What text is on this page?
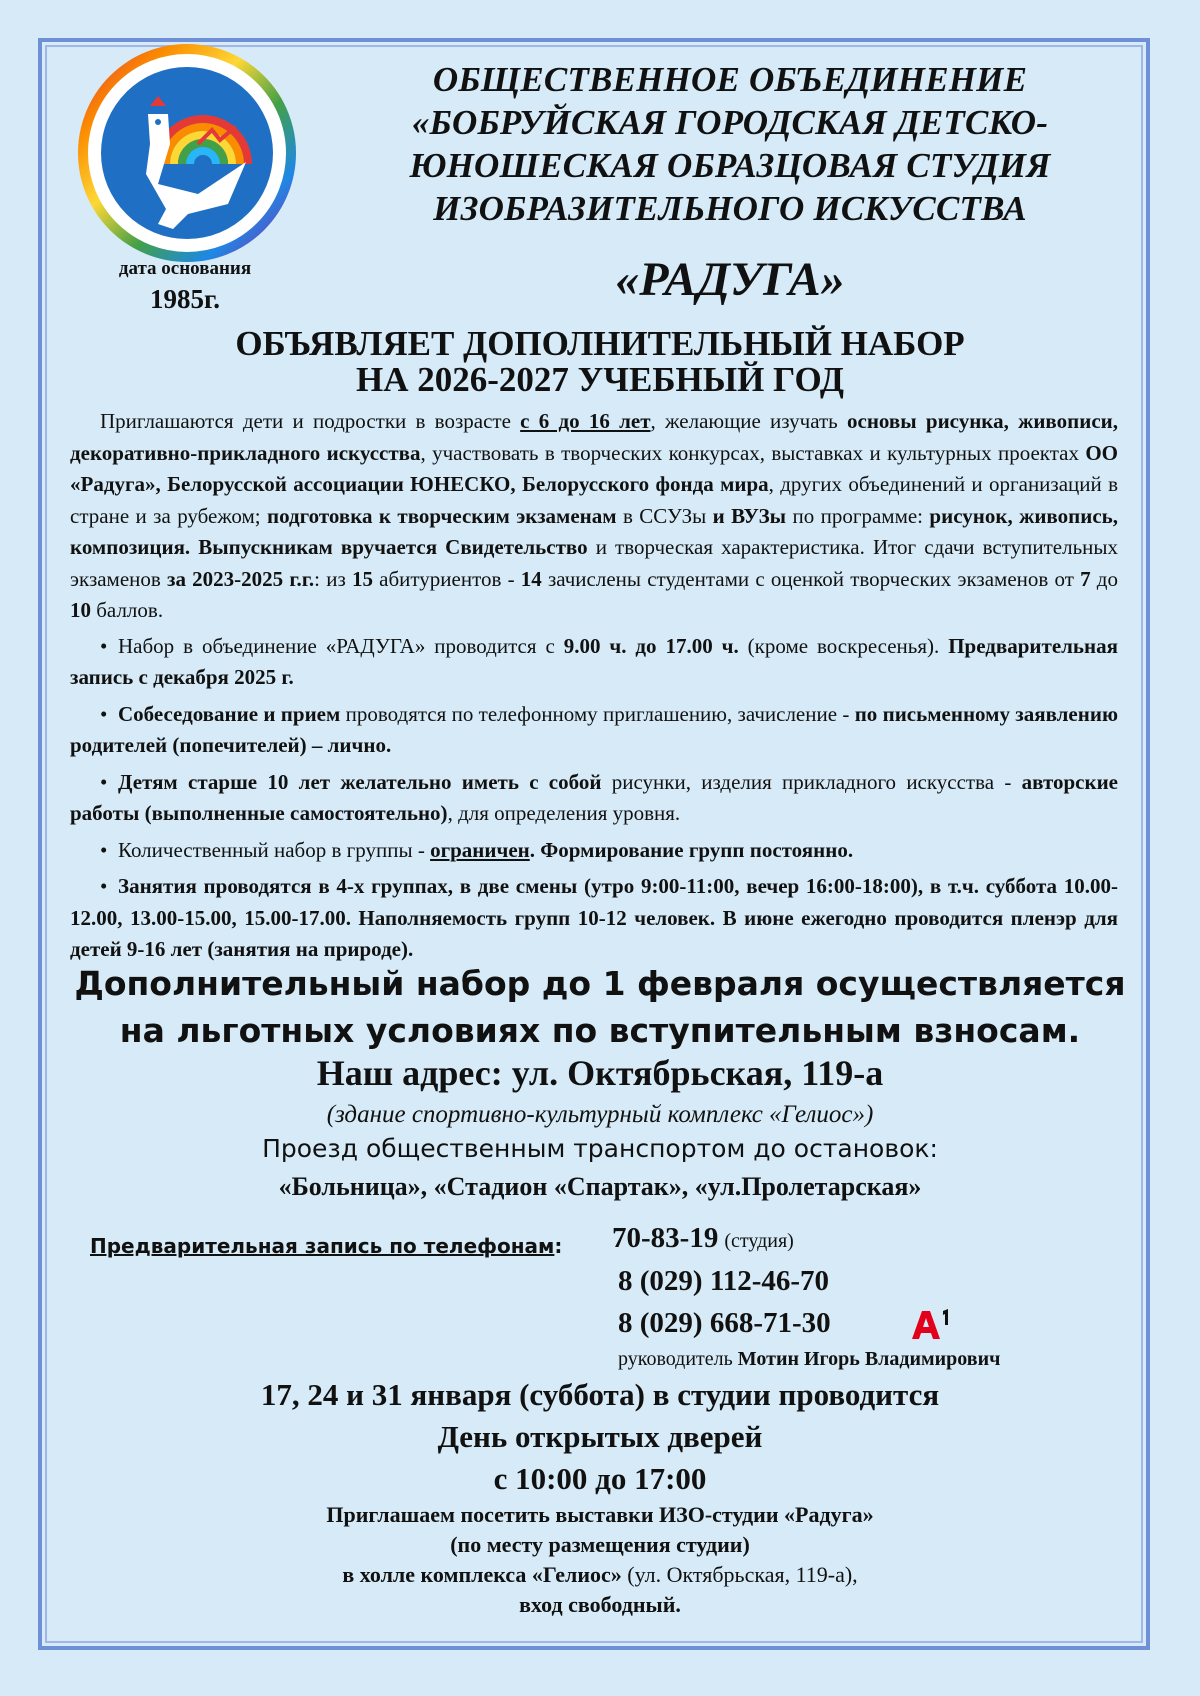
дата основания
1985г.
ОБЩЕСТВЕННОЕ ОБЪЕДИНЕНИЕ
«БОБРУЙСКАЯ ГОРОДСКАЯ ДЕТСКО-
ЮНОШЕСКАЯ ОБРАЗЦОВАЯ СТУДИЯ
ИЗОБРАЗИТЕЛЬНОГО ИСКУССТВА
«РАДУГА»
ОБЪЯВЛЯЕТ ДОПОЛНИТЕЛЬНЫЙ НАБОР
НА 2026-2027 УЧЕБНЫЙ ГОД

Приглашаются дети и подростки в возрасте с 6 до 16 лет, желающие изучать основы рисунка, живописи, декоративно-прикладного искусства, участвовать в творческих конкурсах, выставках и культурных проектах ОО «Радуга», Белорусской ассоциации ЮНЕСКО, Белорусского фонда мира, других объединений и организаций в стране и за рубежом; подготовка к творческим экзаменам в ССУЗы и ВУЗы по программе: рисунок, живопись, композиция. Выпускникам вручается Свидетельство и творческая характеристика. Итог сдачи вступительных экзаменов за 2023-2025 г.г.: из 15 абитуриентов - 14 зачислены студентами с оценкой творческих экзаменов от 7 до 10 баллов.

• Набор в объединение «РАДУГА» проводится с 9.00 ч. до 17.00 ч. (кроме воскресенья). Предварительная запись с декабря 2025 г.

• Собеседование и прием проводятся по телефонному приглашению, зачисление - по письменному заявлению родителей (попечителей) – лично.

• Детям старше 10 лет желательно иметь с собой рисунки, изделия прикладного искусства - авторские работы (выполненные самостоятельно), для определения уровня.

• Количественный набор в группы - ограничен. Формирование групп постоянно.

• Занятия проводятся в 4-х группах, в две смены (утро 9:00-11:00, вечер 16:00-18:00), в т.ч. суббота 10.00-12.00, 13.00-15.00, 15.00-17.00. Наполняемость групп 10-12 человек. В июне ежегодно проводится пленэр для детей 9-16 лет (занятия на природе).

Дополнительный набор до 1 февраля осуществляется
на льготных условиях по вступительным взносам.
Наш адрес: ул. Октябрьская, 119-а
(здание спортивно-культурный комплекс «Гелиос»)
Проезд общественным транспортом до остановок:
«Больница», «Стадион «Спартак», «ул.Пролетарская»
Предварительная запись по телефонам: 70-83-19 (студия)
8 (029) 112-46-70
8 (029) 668-71-30
руководитель Мотин Игорь Владимирович
17, 24 и 31 января (суббота) в студии проводится
День открытых дверей
с 10:00 до 17:00
Приглашаем посетить выставки ИЗО-студии «Радуга»
(по месту размещения студии)
в холле комплекса «Гелиос» (ул. Октябрьская, 119-а),
вход свободный.
